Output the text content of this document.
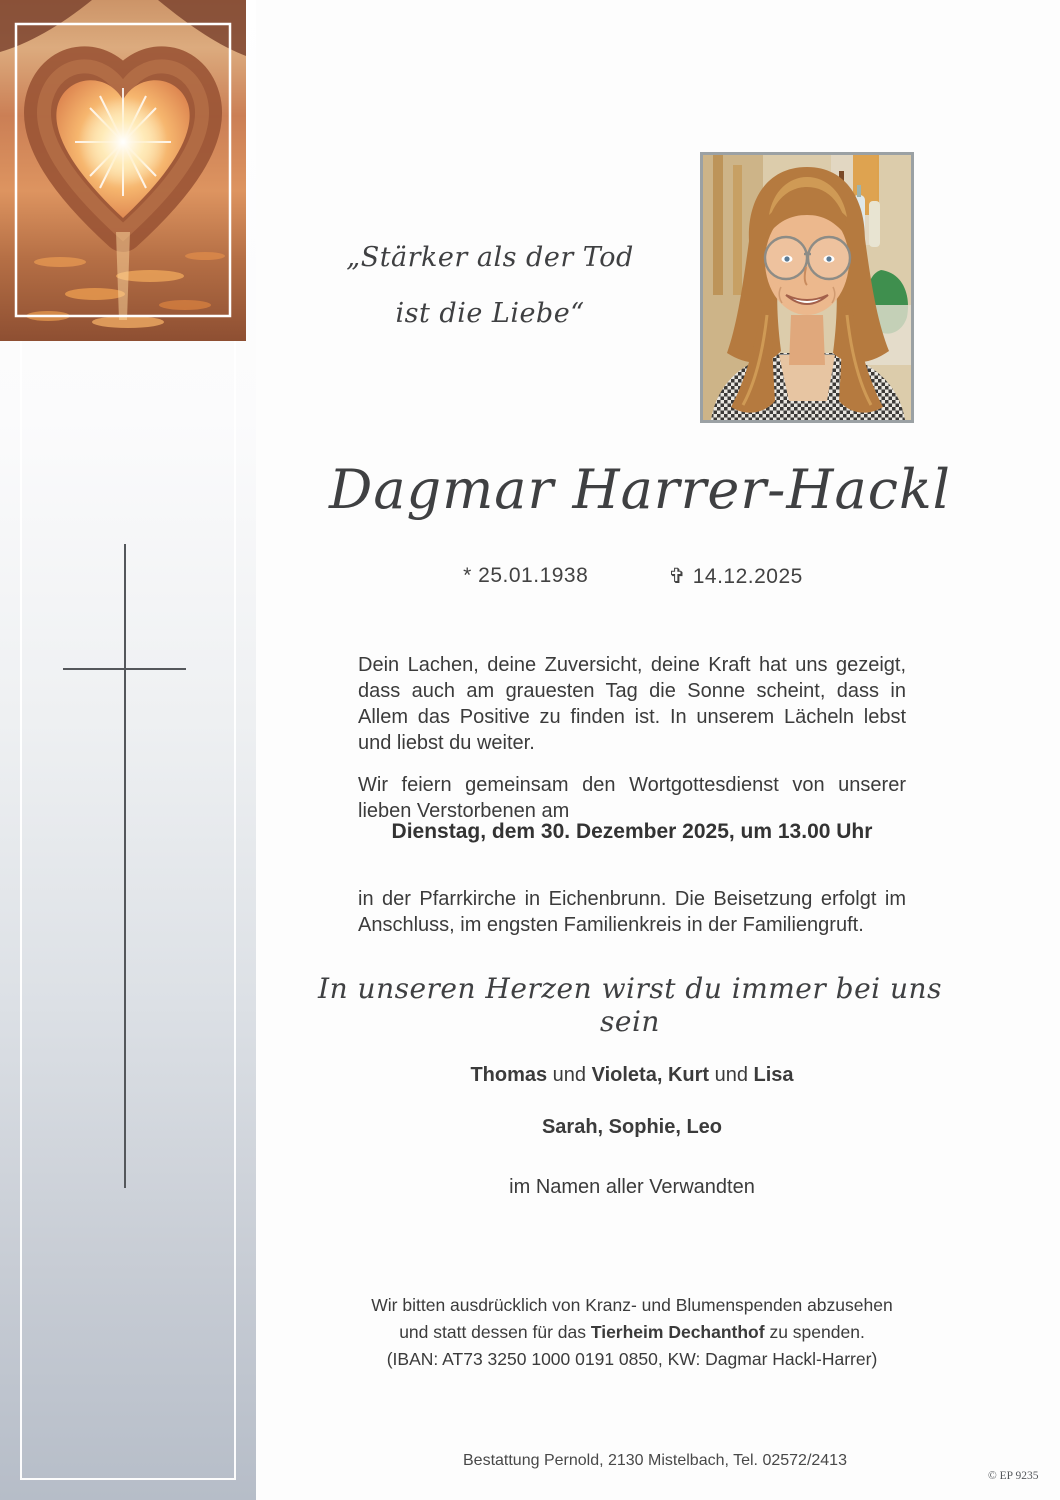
„Stärker als der Tod
ist die Liebe“
Dagmar Harrer-Hackl
* 25.01.1938	✞ 14.12.2025

Dein Lachen, deine Zuversicht, deine Kraft hat uns gezeigt, dass auch am grauesten Tag die Sonne scheint, dass in Allem das Positive zu finden ist. In unserem Lächeln lebst und liebst du weiter.

Wir feiern gemeinsam den Wortgottesdienst von unserer lieben Verstorbenen am

Dienstag, dem 30. Dezember 2025, um 13.00 Uhr

in der Pfarrkirche in Eichenbrunn. Die Beisetzung erfolgt im Anschluss, im engsten Familienkreis in der Familiengruft.

In unseren Herzen wirst du immer bei uns sein
Thomas und Violeta, Kurt und Lisa
Sarah, Sophie, Leo
im Namen aller Verwandten
Wir bitten ausdrücklich von Kranz- und Blumenspenden abzusehen
und statt dessen für das Tierheim Dechanthof zu spenden.
(IBAN: AT73 3250 1000 0191 0850, KW: Dagmar Hackl-Harrer)
Bestattung Pernold, 2130 Mistelbach, Tel. 02572/2413
© EP 9235
